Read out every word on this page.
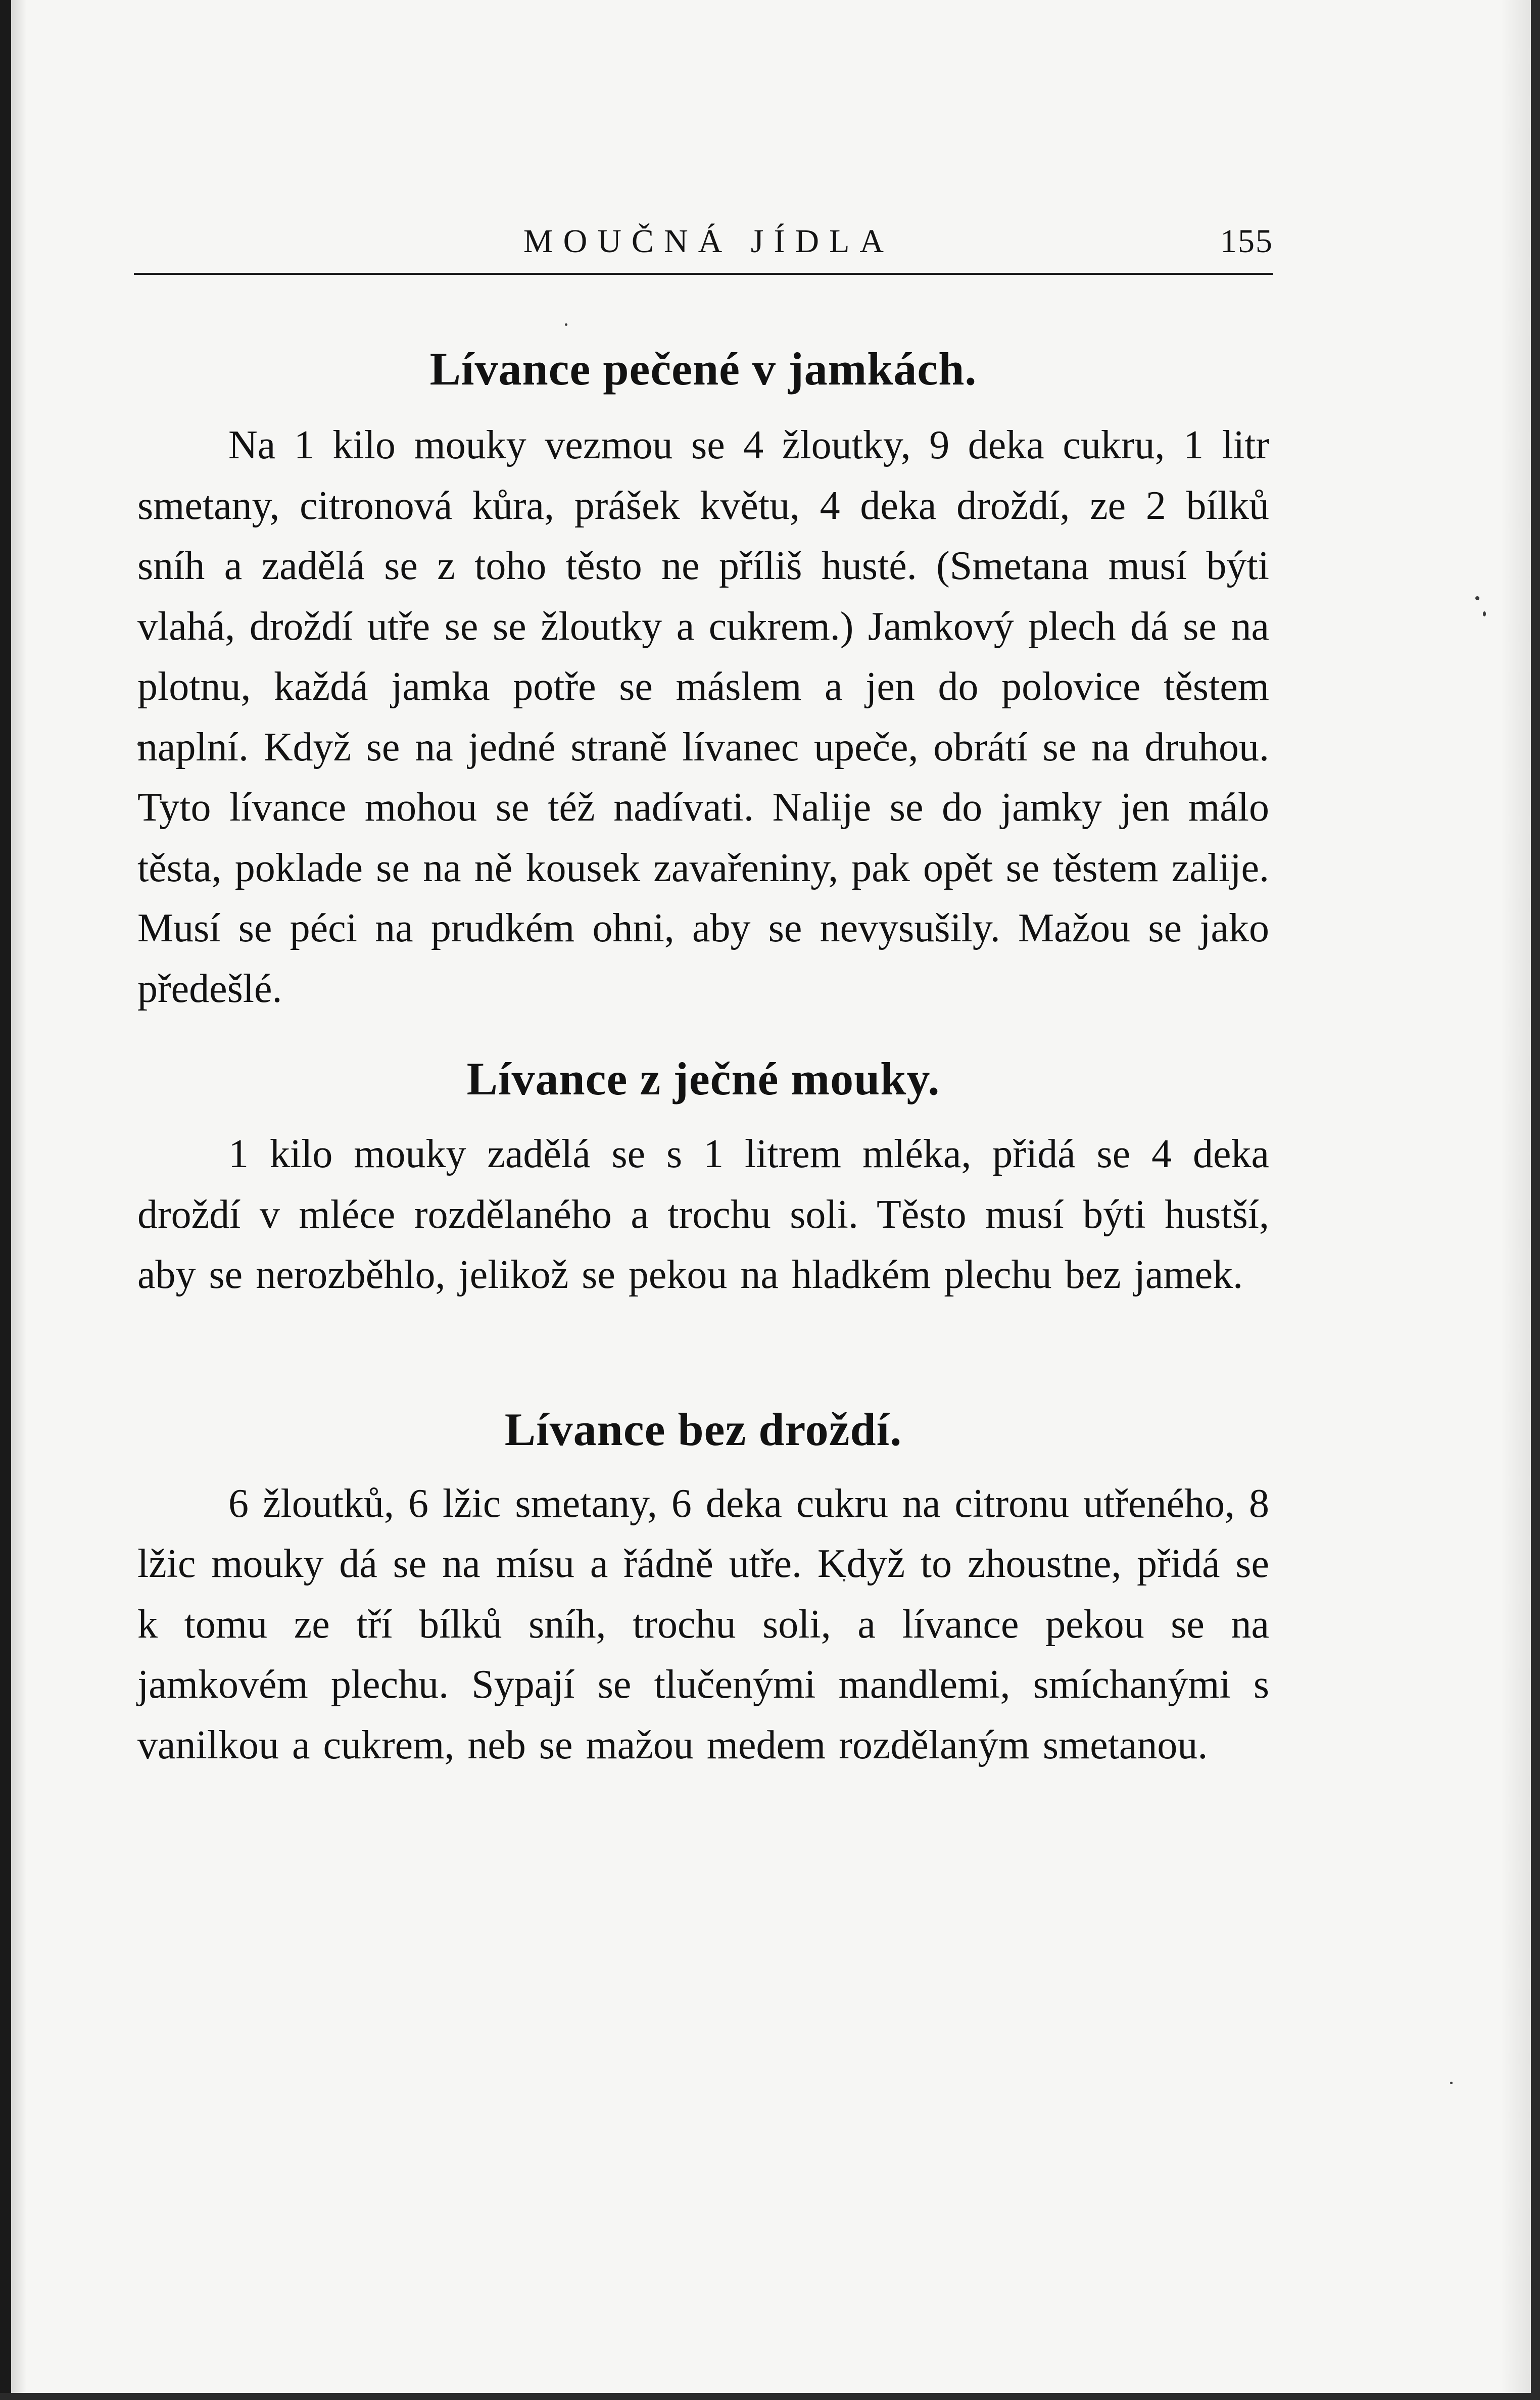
MOUČNÁ JÍDLA	155
Lívance pečené v jamkách.

Na 1 kilo mouky vezmou se 4 žloutky, 9 deka cukru, 1 litr smetany, citronová kůra, prášek květu, 4 deka droždí, ze 2 bílků sníh a zadělá se z toho těsto ne příliš husté. (Smetana musí býti vlahá, droždí utře se se žloutky a cukrem.) Jamkový plech dá se na plotnu, každá jamka potře se máslem a jen do polovice těstem naplní. Když se na jedné straně lívanec upeče, obrátí se na druhou. Tyto lívance mohou se též nadívati. Nalije se do jamky jen málo těsta, poklade se na ně kousek zavařeniny, pak opět se těstem zalije. Musí se péci na prudkém ohni, aby se nevysušily. Mažou se jako předešlé.

Lívance z ječné mouky.

1 kilo mouky zadělá se s 1 litrem mléka, přidá se 4 deka droždí v mléce rozdělaného a trochu soli. Těsto musí býti hustší, aby se nerozběhlo, jelikož se pekou na hladkém plechu bez jamek.

Lívance bez droždí.

6 žloutků, 6 lžic smetany, 6 deka cukru na citronu utřeného, 8 lžic mouky dá se na mísu a řádně utře. Když to zhoustne, přidá se k tomu ze tří bílků sníh, trochu soli, a lívance pekou se na jamkovém plechu. Sypají se tlučenými mandlemi, smíchanými s vanilkou a cukrem, neb se mažou medem rozdělaným smetanou.
